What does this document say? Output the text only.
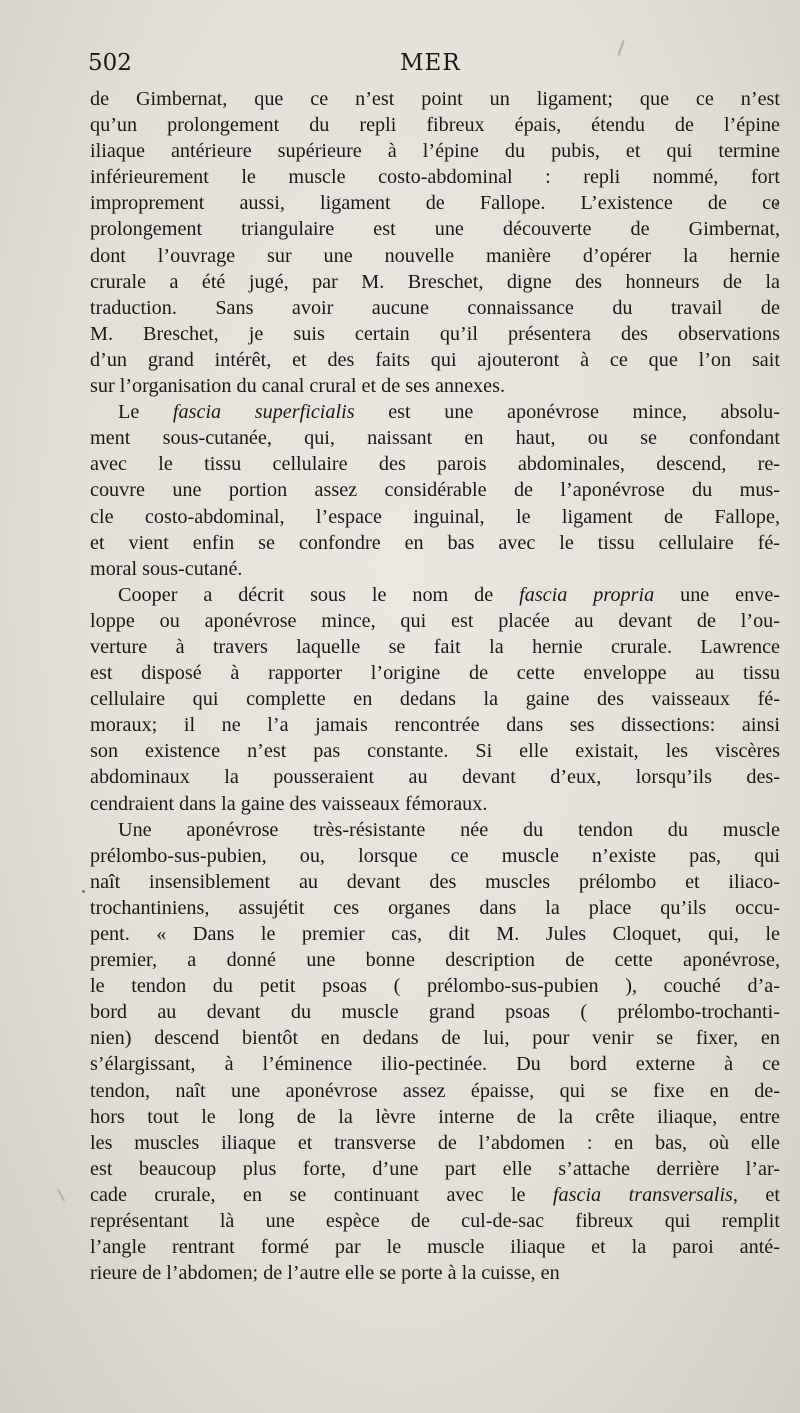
502	MER
de Gimbernat, que ce n’est point un ligament; que ce n’est
qu’un prolongement du repli fibreux épais, étendu de l’épine
iliaque antérieure supérieure à l’épine du pubis, et qui termine
inférieurement le muscle costo-abdominal : repli nommé, fort
improprement aussi, ligament de Fallope. L’existence de ce
prolongement triangulaire est une découverte de Gimbernat,
dont l’ouvrage sur une nouvelle manière d’opérer la hernie
crurale a été jugé, par M. Breschet, digne des honneurs de la
traduction. Sans avoir aucune connaissance du travail de
M. Breschet, je suis certain qu’il présentera des observations
d’un grand intérêt, et des faits qui ajouteront à ce que l’on sait
sur l’organisation du canal crural et de ses annexes.
Le fascia superficialis est une aponévrose mince, absolu-
ment sous-cutanée, qui, naissant en haut, ou se confondant
avec le tissu cellulaire des parois abdominales, descend, re-
couvre une portion assez considérable de l’aponévrose du mus-
cle costo-abdominal, l’espace inguinal, le ligament de Fallope,
et vient enfin se confondre en bas avec le tissu cellulaire fé-
moral sous-cutané.
Cooper a décrit sous le nom de fascia propria une enve-
loppe ou aponévrose mince, qui est placée au devant de l’ou-
verture à travers laquelle se fait la hernie crurale. Lawrence
est disposé à rapporter l’origine de cette enveloppe au tissu
cellulaire qui complette en dedans la gaine des vaisseaux fé-
moraux; il ne l’a jamais rencontrée dans ses dissections: ainsi
son existence n’est pas constante. Si elle existait, les viscères
abdominaux la pousseraient au devant d’eux, lorsqu’ils des-
cendraient dans la gaine des vaisseaux fémoraux.
Une aponévrose très-résistante née du tendon du muscle
prélombo-sus-pubien, ou, lorsque ce muscle n’existe pas, qui
naît insensiblement au devant des muscles prélombo et iliaco-
trochantiniens, assujétit ces organes dans la place qu’ils occu-
pent. « Dans le premier cas, dit M. Jules Cloquet, qui, le
premier, a donné une bonne description de cette aponévrose,
le tendon du petit psoas ( prélombo-sus-pubien ), couché d’a-
bord au devant du muscle grand psoas ( prélombo-trochanti-
nien) descend bientôt en dedans de lui, pour venir se fixer, en
s’élargissant, à l’éminence ilio-pectinée. Du bord externe à ce
tendon, naît une aponévrose assez épaisse, qui se fixe en de-
hors tout le long de la lèvre interne de la crête iliaque, entre
les muscles iliaque et transverse de l’abdomen : en bas, où elle
est beaucoup plus forte, d’une part elle s’attache derrière l’ar-
cade crurale, en se continuant avec le fascia transversalis, et
représentant là une espèce de cul-de-sac fibreux qui remplit
l’angle rentrant formé par le muscle iliaque et la paroi anté-
rieure de l’abdomen; de l’autre elle se porte à la cuisse, en
